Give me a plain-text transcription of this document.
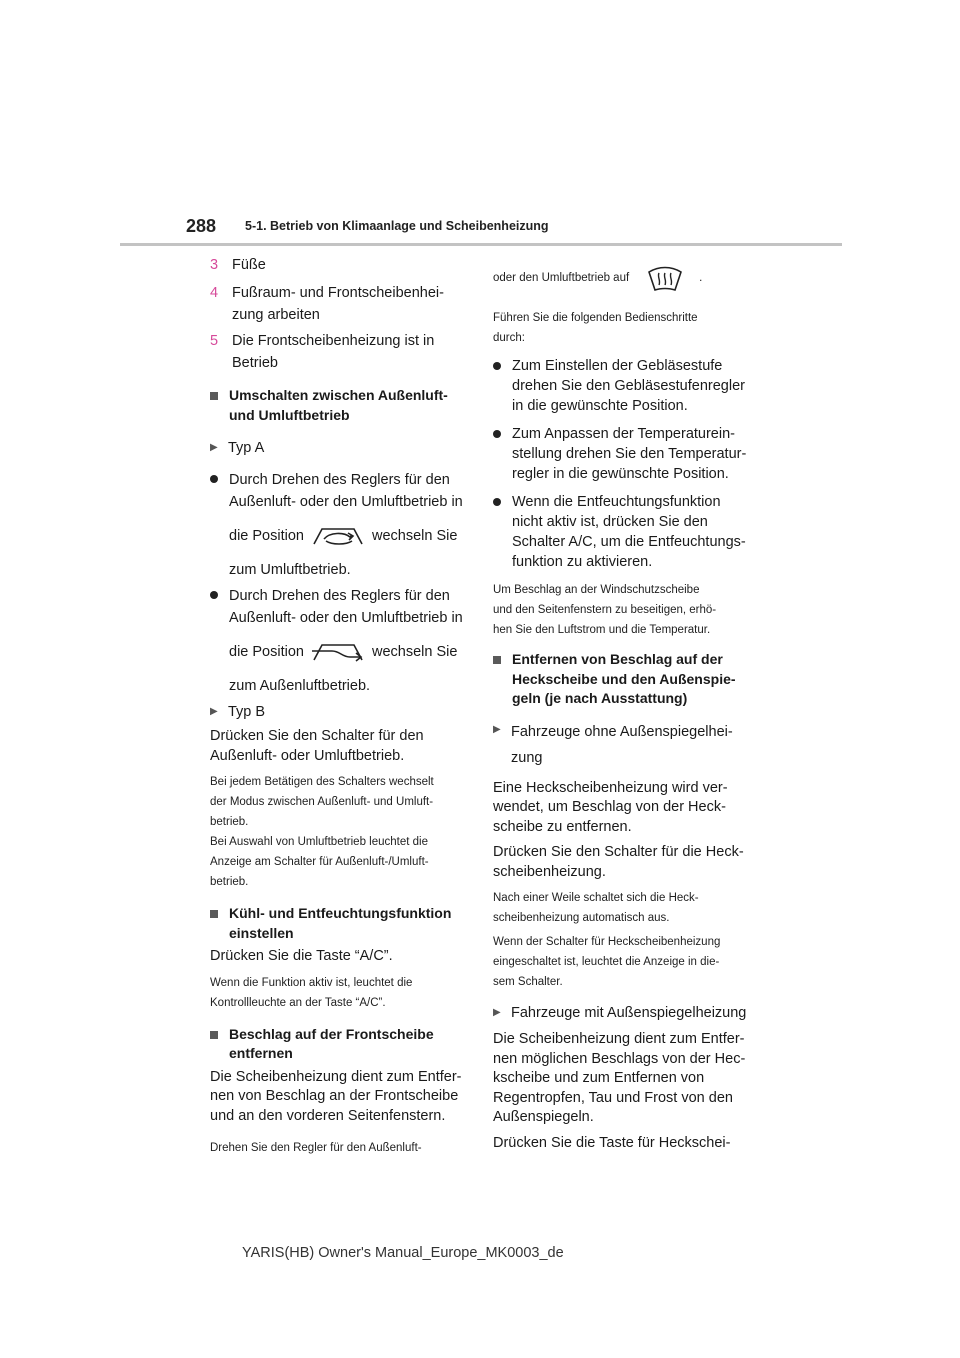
288 5-1. Betrieb von Klimaanlage und Scheibenheizung
3 Füße
4 Fußraum- und Frontscheibenhei-
zung arbeiten
5 Die Frontscheibenheizung ist in
Betrieb
Umschalten zwischen Außenluft-
und Umluftbetrieb
▶ Typ A
Durch Drehen des Reglers für den
Außenluft- oder den Umluftbetrieb in
die Position	wechseln Sie

zum Umluftbetrieb.

Durch Drehen des Reglers für den
Außenluft- oder den Umluftbetrieb in
die Position	wechseln Sie

zum Außenluftbetrieb.

▶ Typ B

Drücken Sie den Schalter für den
Außenluft- oder Umluftbetrieb.

Bei jedem Betätigen des Schalters wechselt
der Modus zwischen Außenluft- und Umluft-
betrieb.
Bei Auswahl von Umluftbetrieb leuchtet die
Anzeige am Schalter für Außenluft-/Umluft-
betrieb.

Kühl- und Entfeuchtungsfunktion
einstellen

Drücken Sie die Taste “A/C”.

Wenn die Funktion aktiv ist, leuchtet die
Kontrollleuchte an der Taste “A/C”.

Beschlag auf der Frontscheibe
entfernen

Die Scheibenheizung dient zum Entfer-
nen von Beschlag an der Frontscheibe
und an den vorderen Seitenfenstern.

Drehen Sie den Regler für den Außenluft-

oder den Umluftbetrieb auf	.

Führen Sie die folgenden Bedienschritte
durch:

Zum Einstellen der Gebläsestufe
drehen Sie den Gebläsestufenregler
in die gewünschte Position.
Zum Anpassen der Temperaturein-
stellung drehen Sie den Temperatur-
regler in die gewünschte Position.
Wenn die Entfeuchtungsfunktion
nicht aktiv ist, drücken Sie den
Schalter A/C, um die Entfeuchtungs-
funktion zu aktivieren.

Um Beschlag an der Windschutzscheibe
und den Seitenfenstern zu beseitigen, erhö-
hen Sie den Luftstrom und die Temperatur.

Entfernen von Beschlag auf der
Heckscheibe und den Außenspie-
geln (je nach Ausstattung)
▶ Fahrzeuge ohne Außenspiegelhei-
zung

Eine Heckscheibenheizung wird ver-
wendet, um Beschlag von der Heck-
scheibe zu entfernen.

Drücken Sie den Schalter für die Heck-
scheibenheizung.

Nach einer Weile schaltet sich die Heck-
scheibenheizung automatisch aus.

Wenn der Schalter für Heckscheibenheizung
eingeschaltet ist, leuchtet die Anzeige in die-
sem Schalter.

▶ Fahrzeuge mit Außenspiegelheizung

Die Scheibenheizung dient zum Entfer-
nen möglichen Beschlags von der Hec-
kscheibe und zum Entfernen von
Regentropfen, Tau und Frost von den
Außenspiegeln.

Drücken Sie die Taste für Heckschei-

YARIS(HB) Owner's Manual_Europe_MK0003_de
